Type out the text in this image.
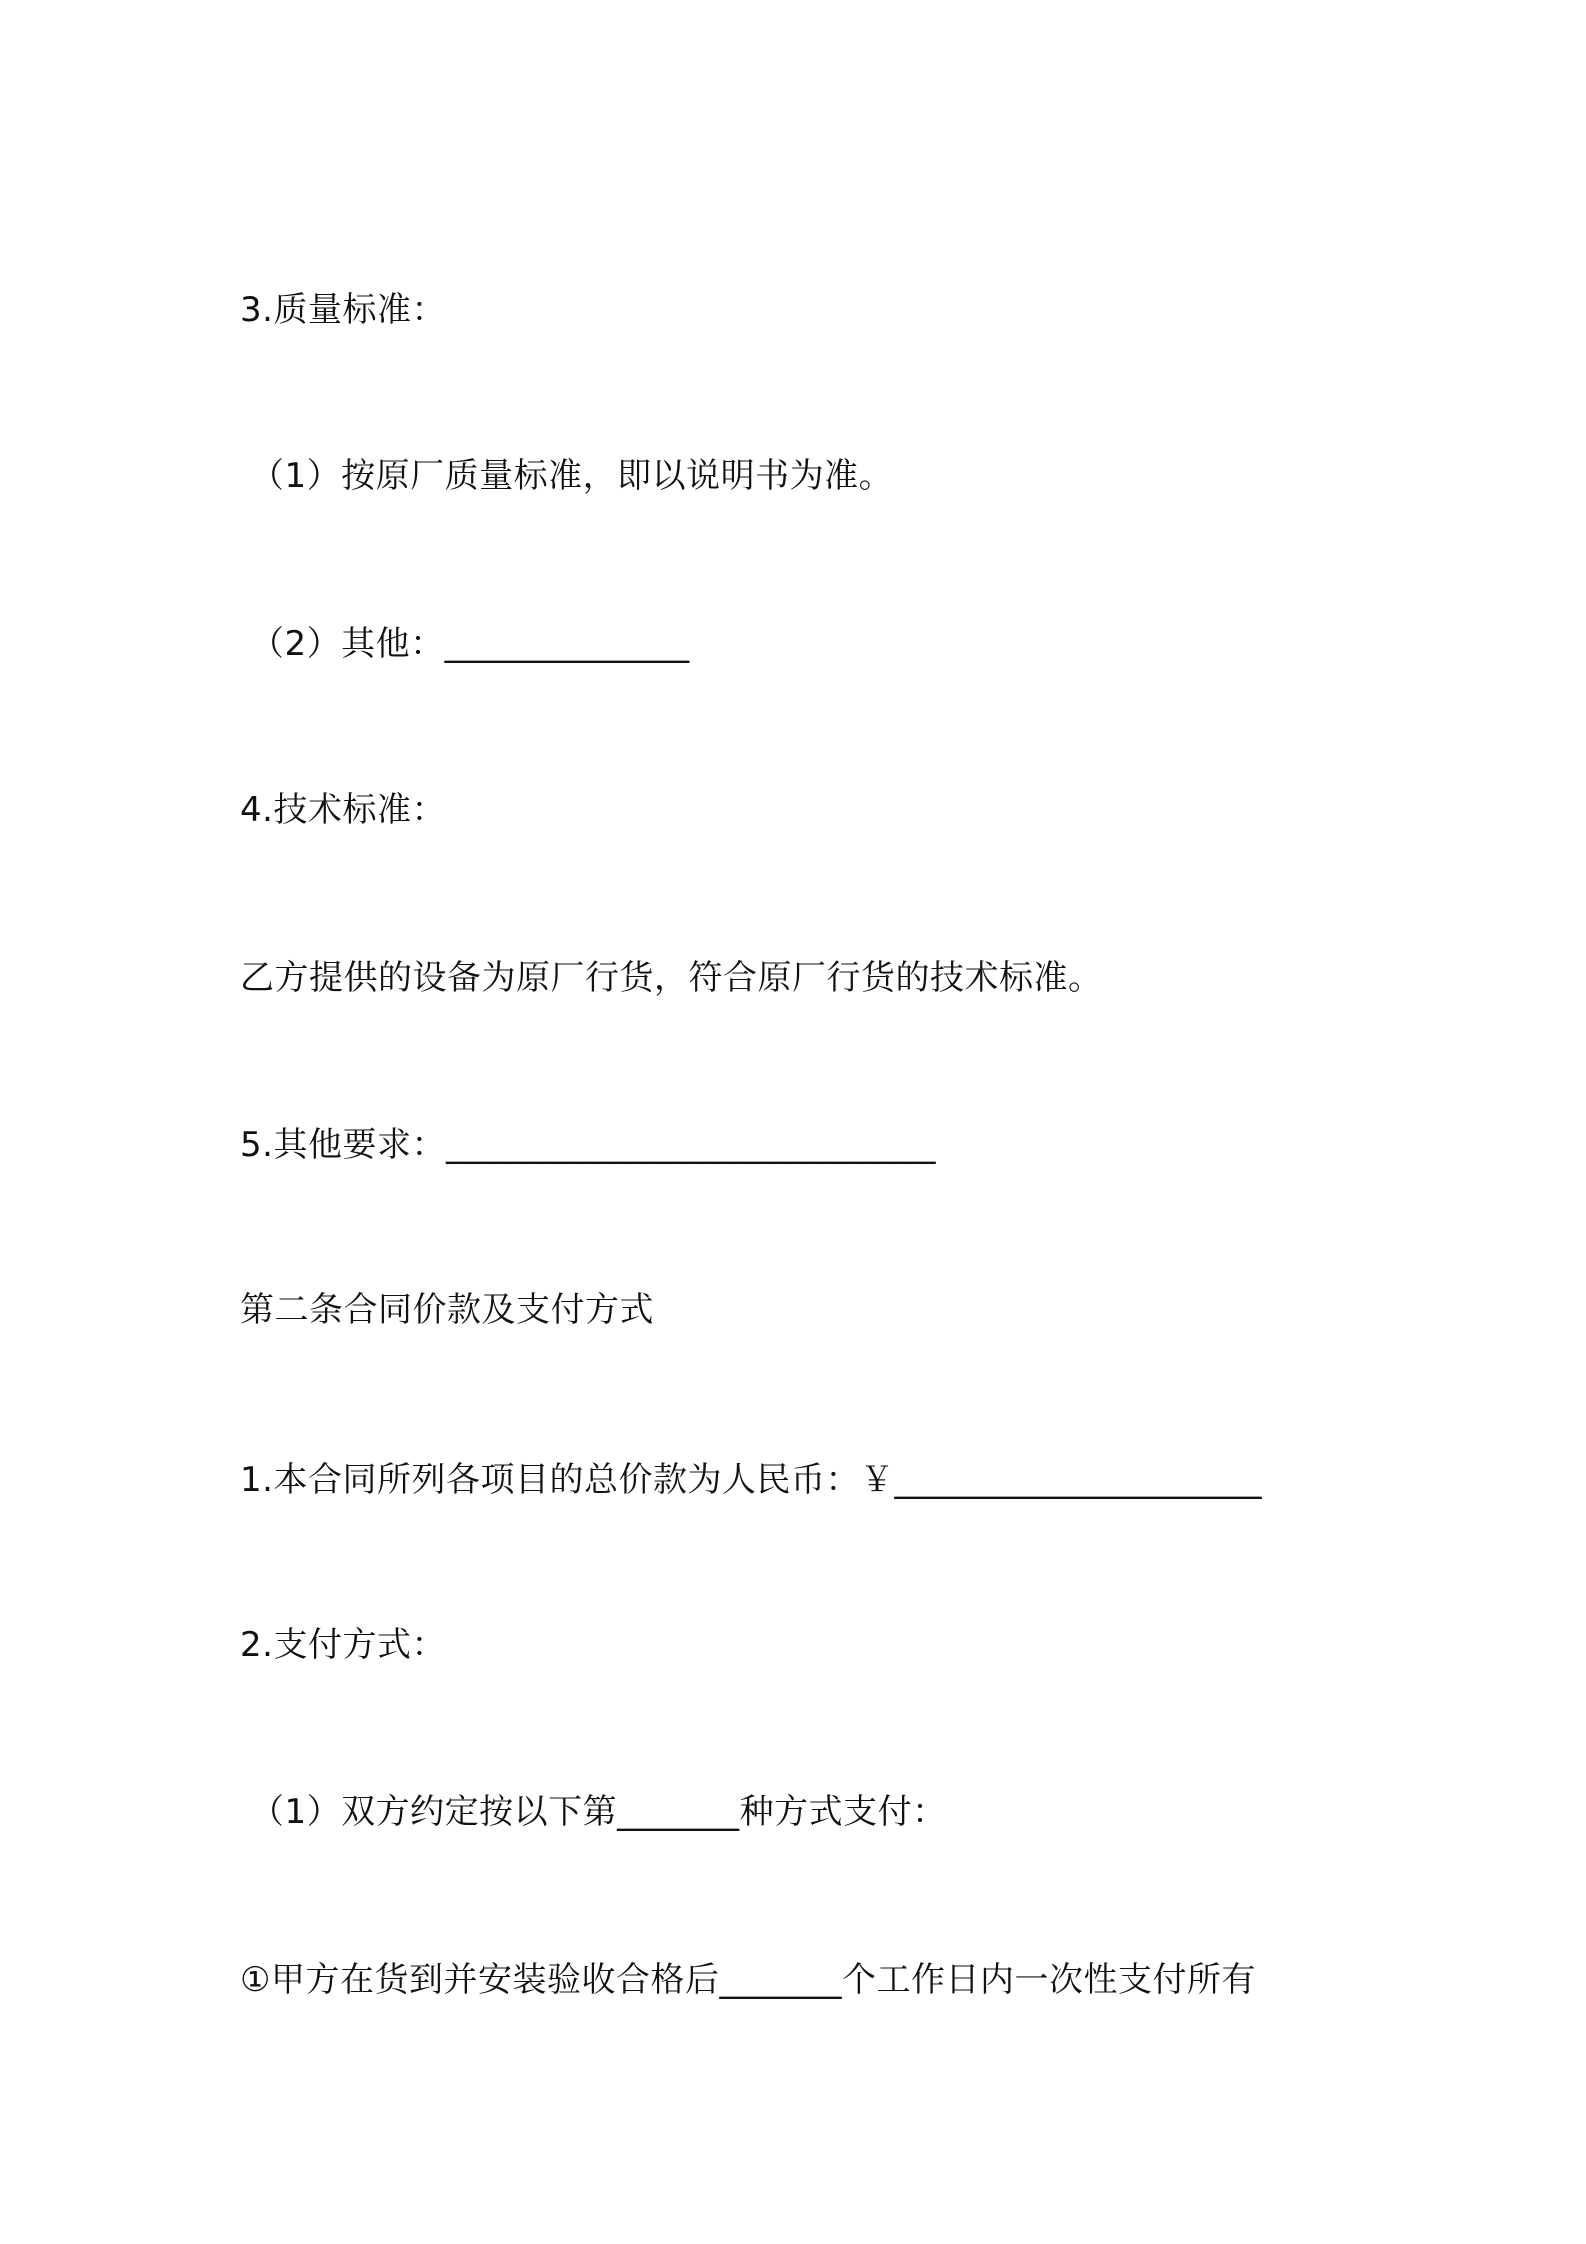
3.质量标准：
（1）按原厂质量标准，即以说明书为准。
（2）其他：______________
4.技术标准：
乙方提供的设备为原厂行货，符合原厂行货的技术标准。
5.其他要求：____________________________
第二条合同价款及支付方式
1.本合同所列各项目的总价款为人民币：￥_____________________
2.支付方式：
（1）双方约定按以下第_______种方式支付：
①甲方在货到并安装验收合格后_______个工作日内一次性支付所有
